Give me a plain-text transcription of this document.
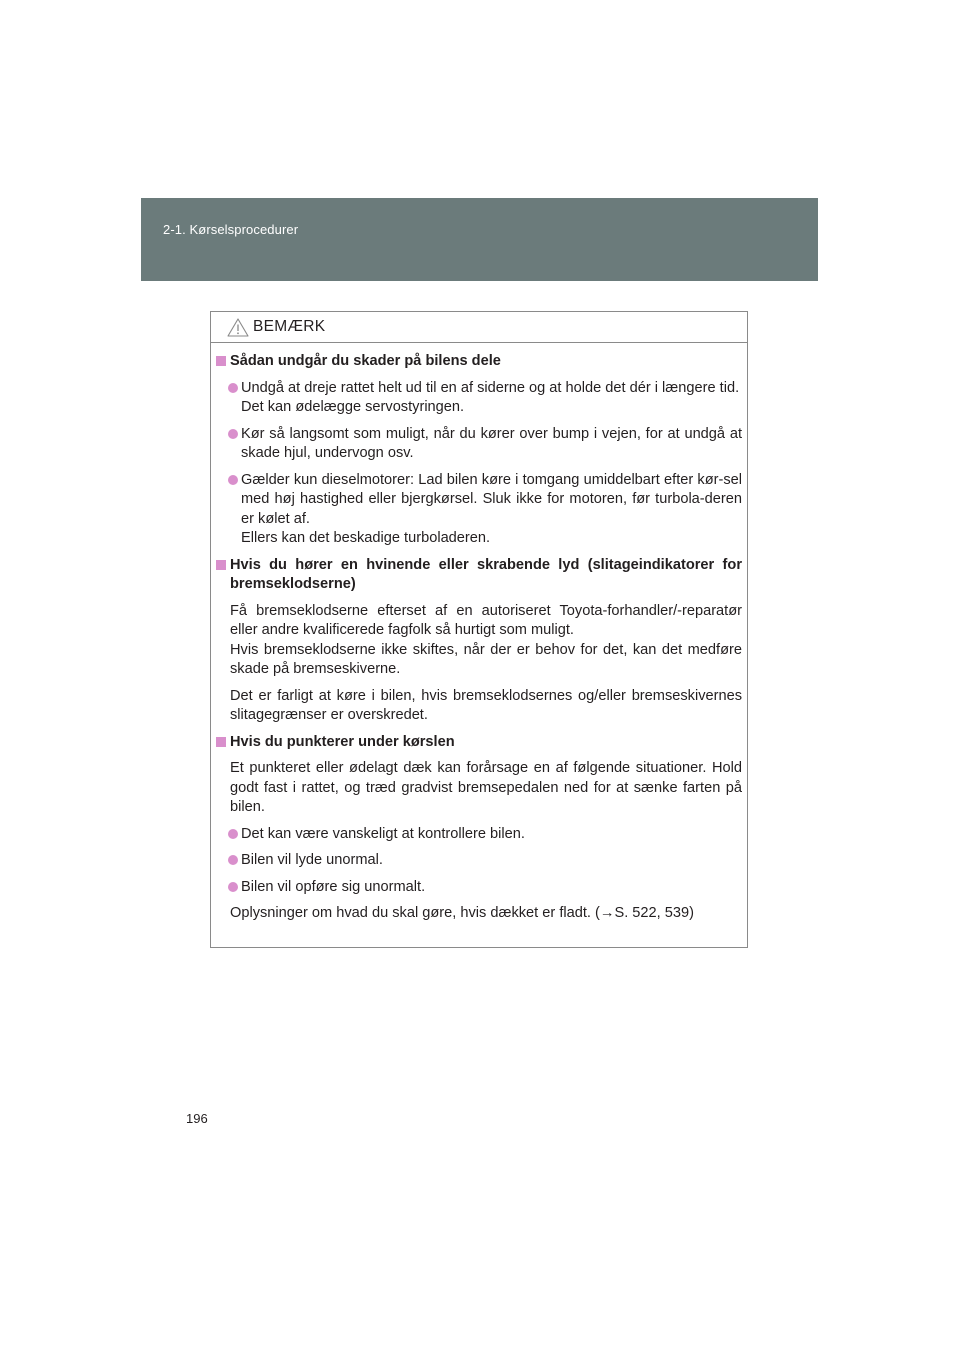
2-1. Kørselsprocedurer
BEMÆRK
Sådan undgår du skader på bilens dele
Undgå at dreje rattet helt ud til en af siderne og at holde det dér i længere tid.
Det kan ødelægge servostyringen.
Kør så langsomt som muligt, når du kører over bump i vejen, for at undgå at skade hjul, undervogn osv.
Gælder kun dieselmotorer: Lad bilen køre i tomgang umiddelbart efter kør-sel med høj hastighed eller bjergkørsel. Sluk ikke for motoren, før turbola-deren er kølet af.
Ellers kan det beskadige turboladeren.
Hvis du hører en hvinende eller skrabende lyd (slitageindikatorer for bremseklodserne)
Få bremseklodserne efterset af en autoriseret Toyota-forhandler/-reparatør eller andre kvalificerede fagfolk så hurtigt som muligt.
Hvis bremseklodserne ikke skiftes, når der er behov for det, kan det medføre skade på bremseskiverne.
Det er farligt at køre i bilen, hvis bremseklodsernes og/eller bremseskivernes slitagegrænser er overskredet.
Hvis du punkterer under kørslen
Et punkteret eller ødelagt dæk kan forårsage en af følgende situationer. Hold godt fast i rattet, og træd gradvist bremsepedalen ned for at sænke farten på bilen.
Det kan være vanskeligt at kontrollere bilen.
Bilen vil lyde unormal.
Bilen vil opføre sig unormalt.
Oplysninger om hvad du skal gøre, hvis dækket er fladt. (→S. 522, 539)
196
